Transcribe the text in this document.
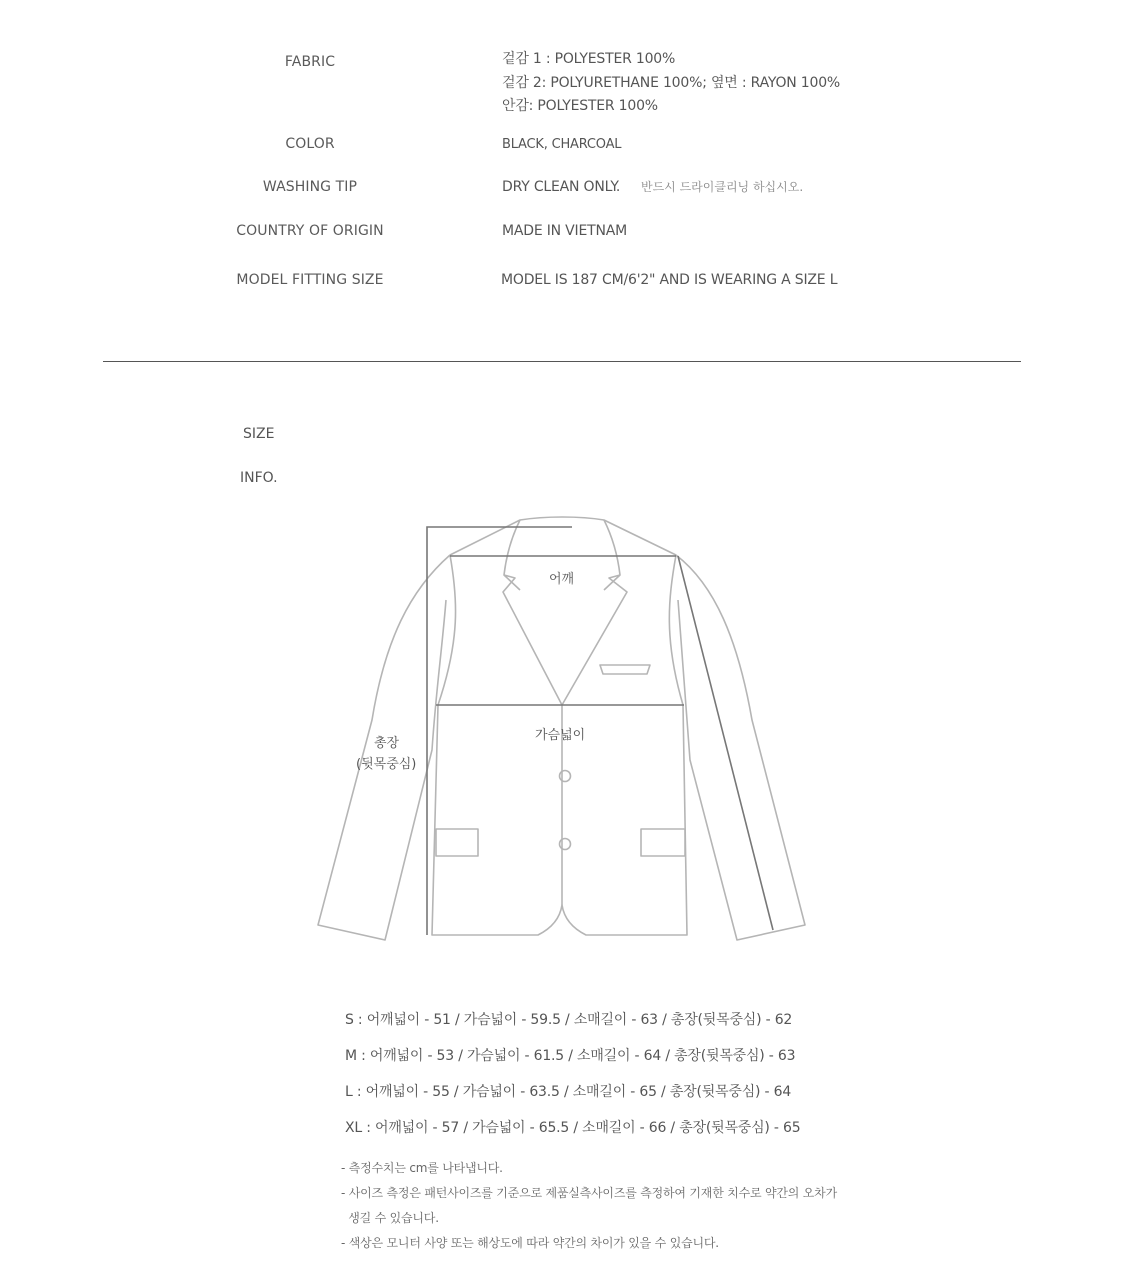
FABRIC	겉감 1 : POLYESTER 100%
겉감 2: POLYURETHANE 100%; 옆면 : RAYON 100%
안감: POLYESTER 100%
COLOR	BLACK, CHARCOAL
WASHING TIP	DRY CLEAN ONLY. 반드시 드라이클리닝 하십시오.
COUNTRY OF ORIGIN	MADE IN VIETNAM
MODEL FITTING SIZE	MODEL IS 187 CM/6'2" AND IS WEARING A SIZE L
SIZE
INFO.
어깨
가슴넓이
총장
(뒷목중심)
S : 어깨넓이 - 51 / 가슴넓이 - 59.5 / 소매길이 - 63 / 총장(뒷목중심) - 62
M : 어깨넓이 - 53 / 가슴넓이 - 61.5 / 소매길이 - 64 / 총장(뒷목중심) - 63
L : 어깨넓이 - 55 / 가슴넓이 - 63.5 / 소매길이 - 65 / 총장(뒷목중심) - 64
XL : 어깨넓이 - 57 / 가슴넓이 - 65.5 / 소매길이 - 66 / 총장(뒷목중심) - 65
- 측정수치는 cm를 나타냅니다.
- 사이즈 측정은 패턴사이즈를 기준으로 제품실측사이즈를 측정하여 기재한 치수로 약간의 오차가
생길 수 있습니다.
- 색상은 모니터 사양 또는 해상도에 따라 약간의 차이가 있을 수 있습니다.
